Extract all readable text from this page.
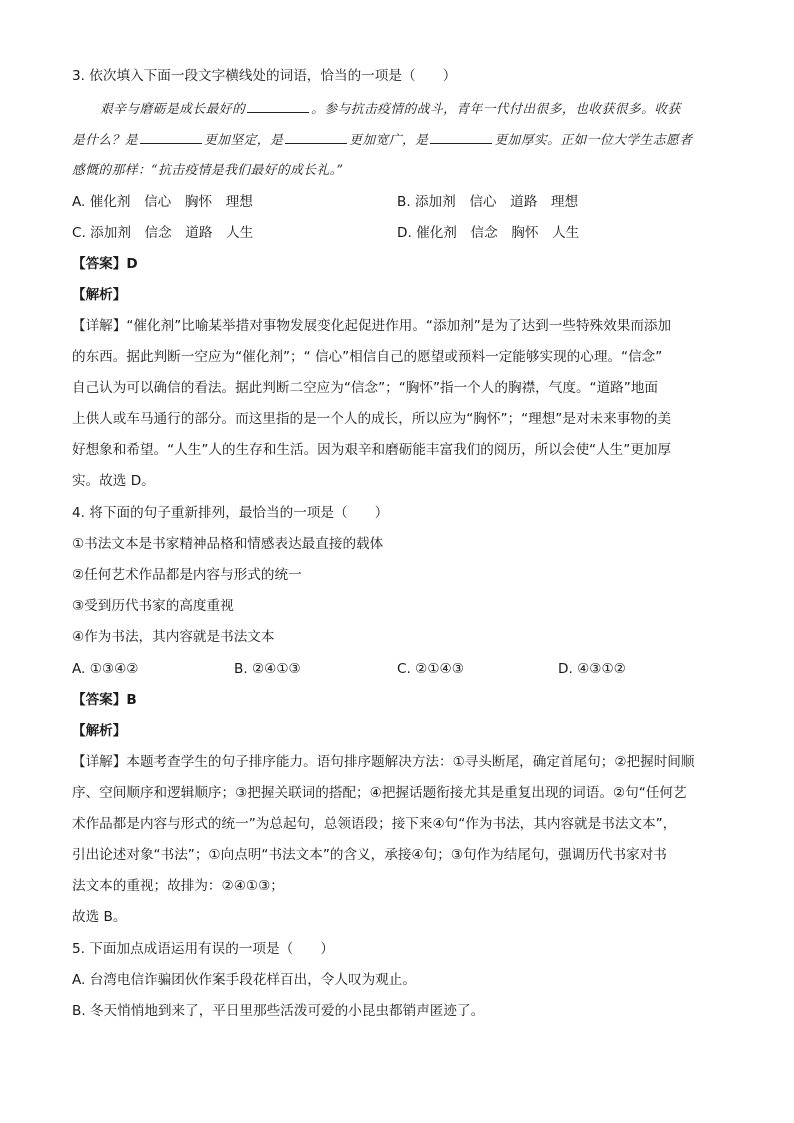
3. 依次填入下面一段文字横线处的词语，恰当的一项是（　　）
艰辛与磨砺是成长最好的	。参与抗击疫情的战斗，青年一代付出很多，也收获很多。收获
是什么？是	更加坚定，是	更加宽广，是	更加厚实。正如一位大学生志愿者
感慨的那样：“抗击疫情是我们最好的成长礼。”
A. 催化剂　信心　胸怀　理想	B. 添加剂　信心　道路　理想
C. 添加剂　信念　道路　人生	D. 催化剂　信念　胸怀　人生
【答案】D
【解析】
【详解】“催化剂”比喻某举措对事物发展变化起促进作用。“添加剂”是为了达到一些特殊效果而添加
的东西。据此判断一空应为“催化剂”；“ 信心”相信自己的愿望或预料一定能够实现的心理。“信念”
自己认为可以确信的看法。据此判断二空应为“信念”；“胸怀”指一个人的胸襟，气度。“道路”地面
上供人或车马通行的部分。而这里指的是一个人的成长，所以应为“胸怀”；“理想”是对未来事物的美
好想象和希望。“人生”人的生存和生活。因为艰辛和磨砺能丰富我们的阅历，所以会使“人生”更加厚
实。故选 D。
4. 将下面的句子重新排列，最恰当的一项是（　　）
①书法文本是书家精神品格和情感表达最直接的载体
②任何艺术作品都是内容与形式的统一
③受到历代书家的高度重视
④作为书法，其内容就是书法文本
A. ①③④②	B. ②④①③	C. ②①④③	D. ④③①②
【答案】B
【解析】
【详解】本题考查学生的句子排序能力。语句排序题解决方法：①寻头断尾，确定首尾句；②把握时间顺
序、空间顺序和逻辑顺序；③把握关联词的搭配；④把握话题衔接尤其是重复出现的词语。②句“任何艺
术作品都是内容与形式的统一”为总起句，总领语段；接下来④句“作为书法，其内容就是书法文本”，
引出论述对象“书法”；①向点明“书法文本”的含义，承接④句；③句作为结尾句，强调历代书家对书
法文本的重视；故排为：②④①③；
故选 B。
5. 下面加点成语运用有误的一项是（　　）
A. 台湾电信诈骗团伙作案手段花样百出，令人叹为观止。
B. 冬天悄悄地到来了，平日里那些活泼可爱的小昆虫都销声匿迹了。
